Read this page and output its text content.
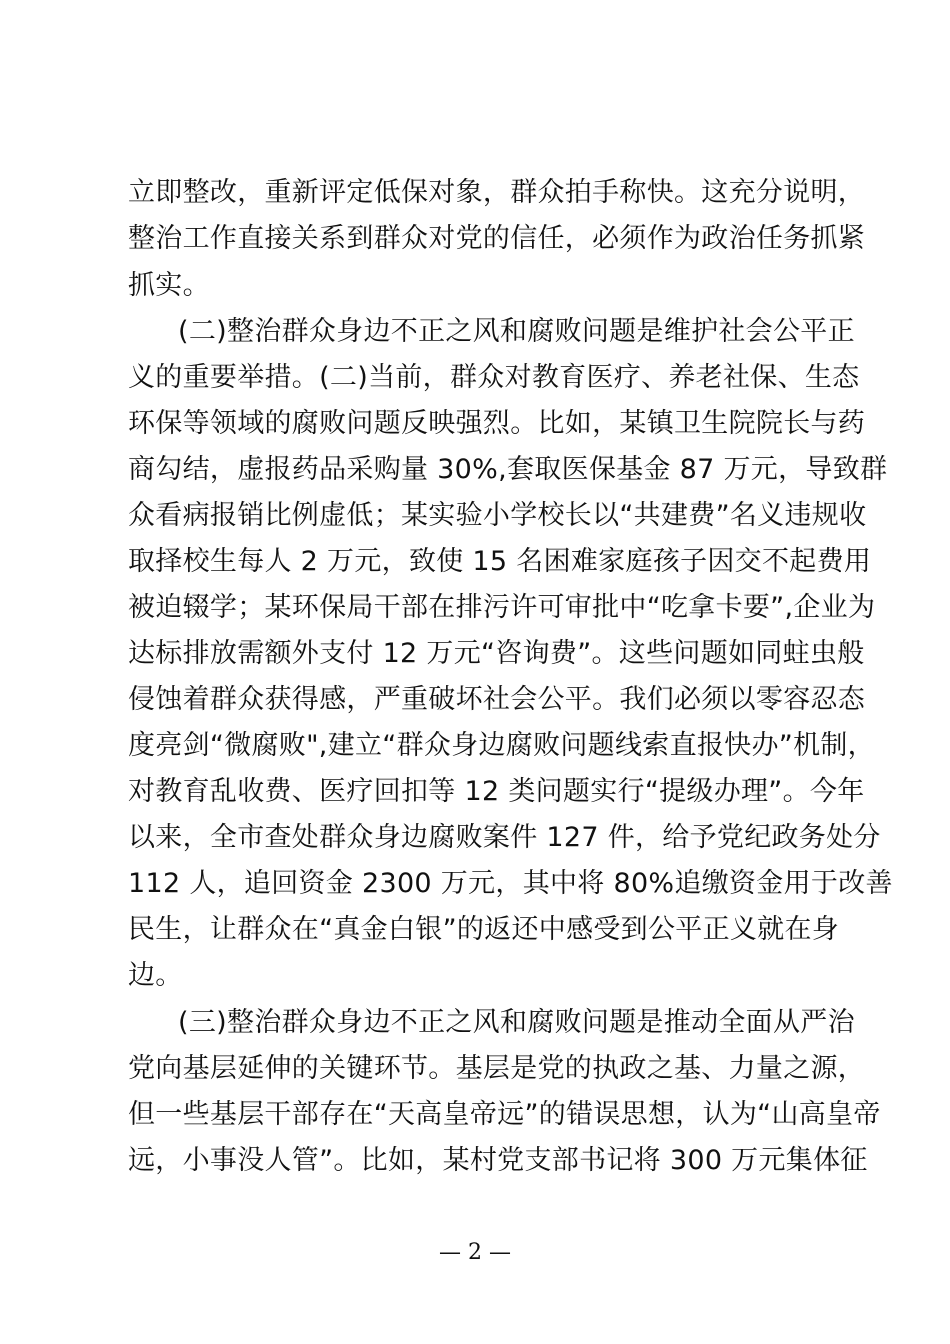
立即整改，重新评定低保对象，群众拍手称快。这充分说明，
整治工作直接关系到群众对党的信任，必须作为政治任务抓紧
抓实。
(二)整治群众身边不正之风和腐败问题是维护社会公平正
义的重要举措。(二)当前，群众对教育医疗、养老社保、生态
环保等领域的腐败问题反映强烈。比如，某镇卫生院院长与药
商勾结，虚报药品采购量 30%,套取医保基金 87 万元，导致群
众看病报销比例虚低；某实验小学校长以“共建费”名义违规收
取择校生每人 2 万元，致使 15 名困难家庭孩子因交不起费用
被迫辍学；某环保局干部在排污许可审批中“吃拿卡要”,企业为
达标排放需额外支付 12 万元“咨询费”。这些问题如同蛀虫般
侵蚀着群众获得感，严重破坏社会公平。我们必须以零容忍态
度亮剑“微腐败",建立“群众身边腐败问题线索直报快办”机制，
对教育乱收费、医疗回扣等 12 类问题实行“提级办理”。今年
以来，全市查处群众身边腐败案件 127 件，给予党纪政务处分
112 人，追回资金 2300 万元，其中将 80%追缴资金用于改善
民生，让群众在“真金白银”的返还中感受到公平正义就在身
边。
(三)整治群众身边不正之风和腐败问题是推动全面从严治
党向基层延伸的关键环节。基层是党的执政之基、力量之源，
但一些基层干部存在“天高皇帝远”的错误思想，认为“山高皇帝
远，小事没人管”。比如，某村党支部书记将 300 万元集体征
— 2 —
